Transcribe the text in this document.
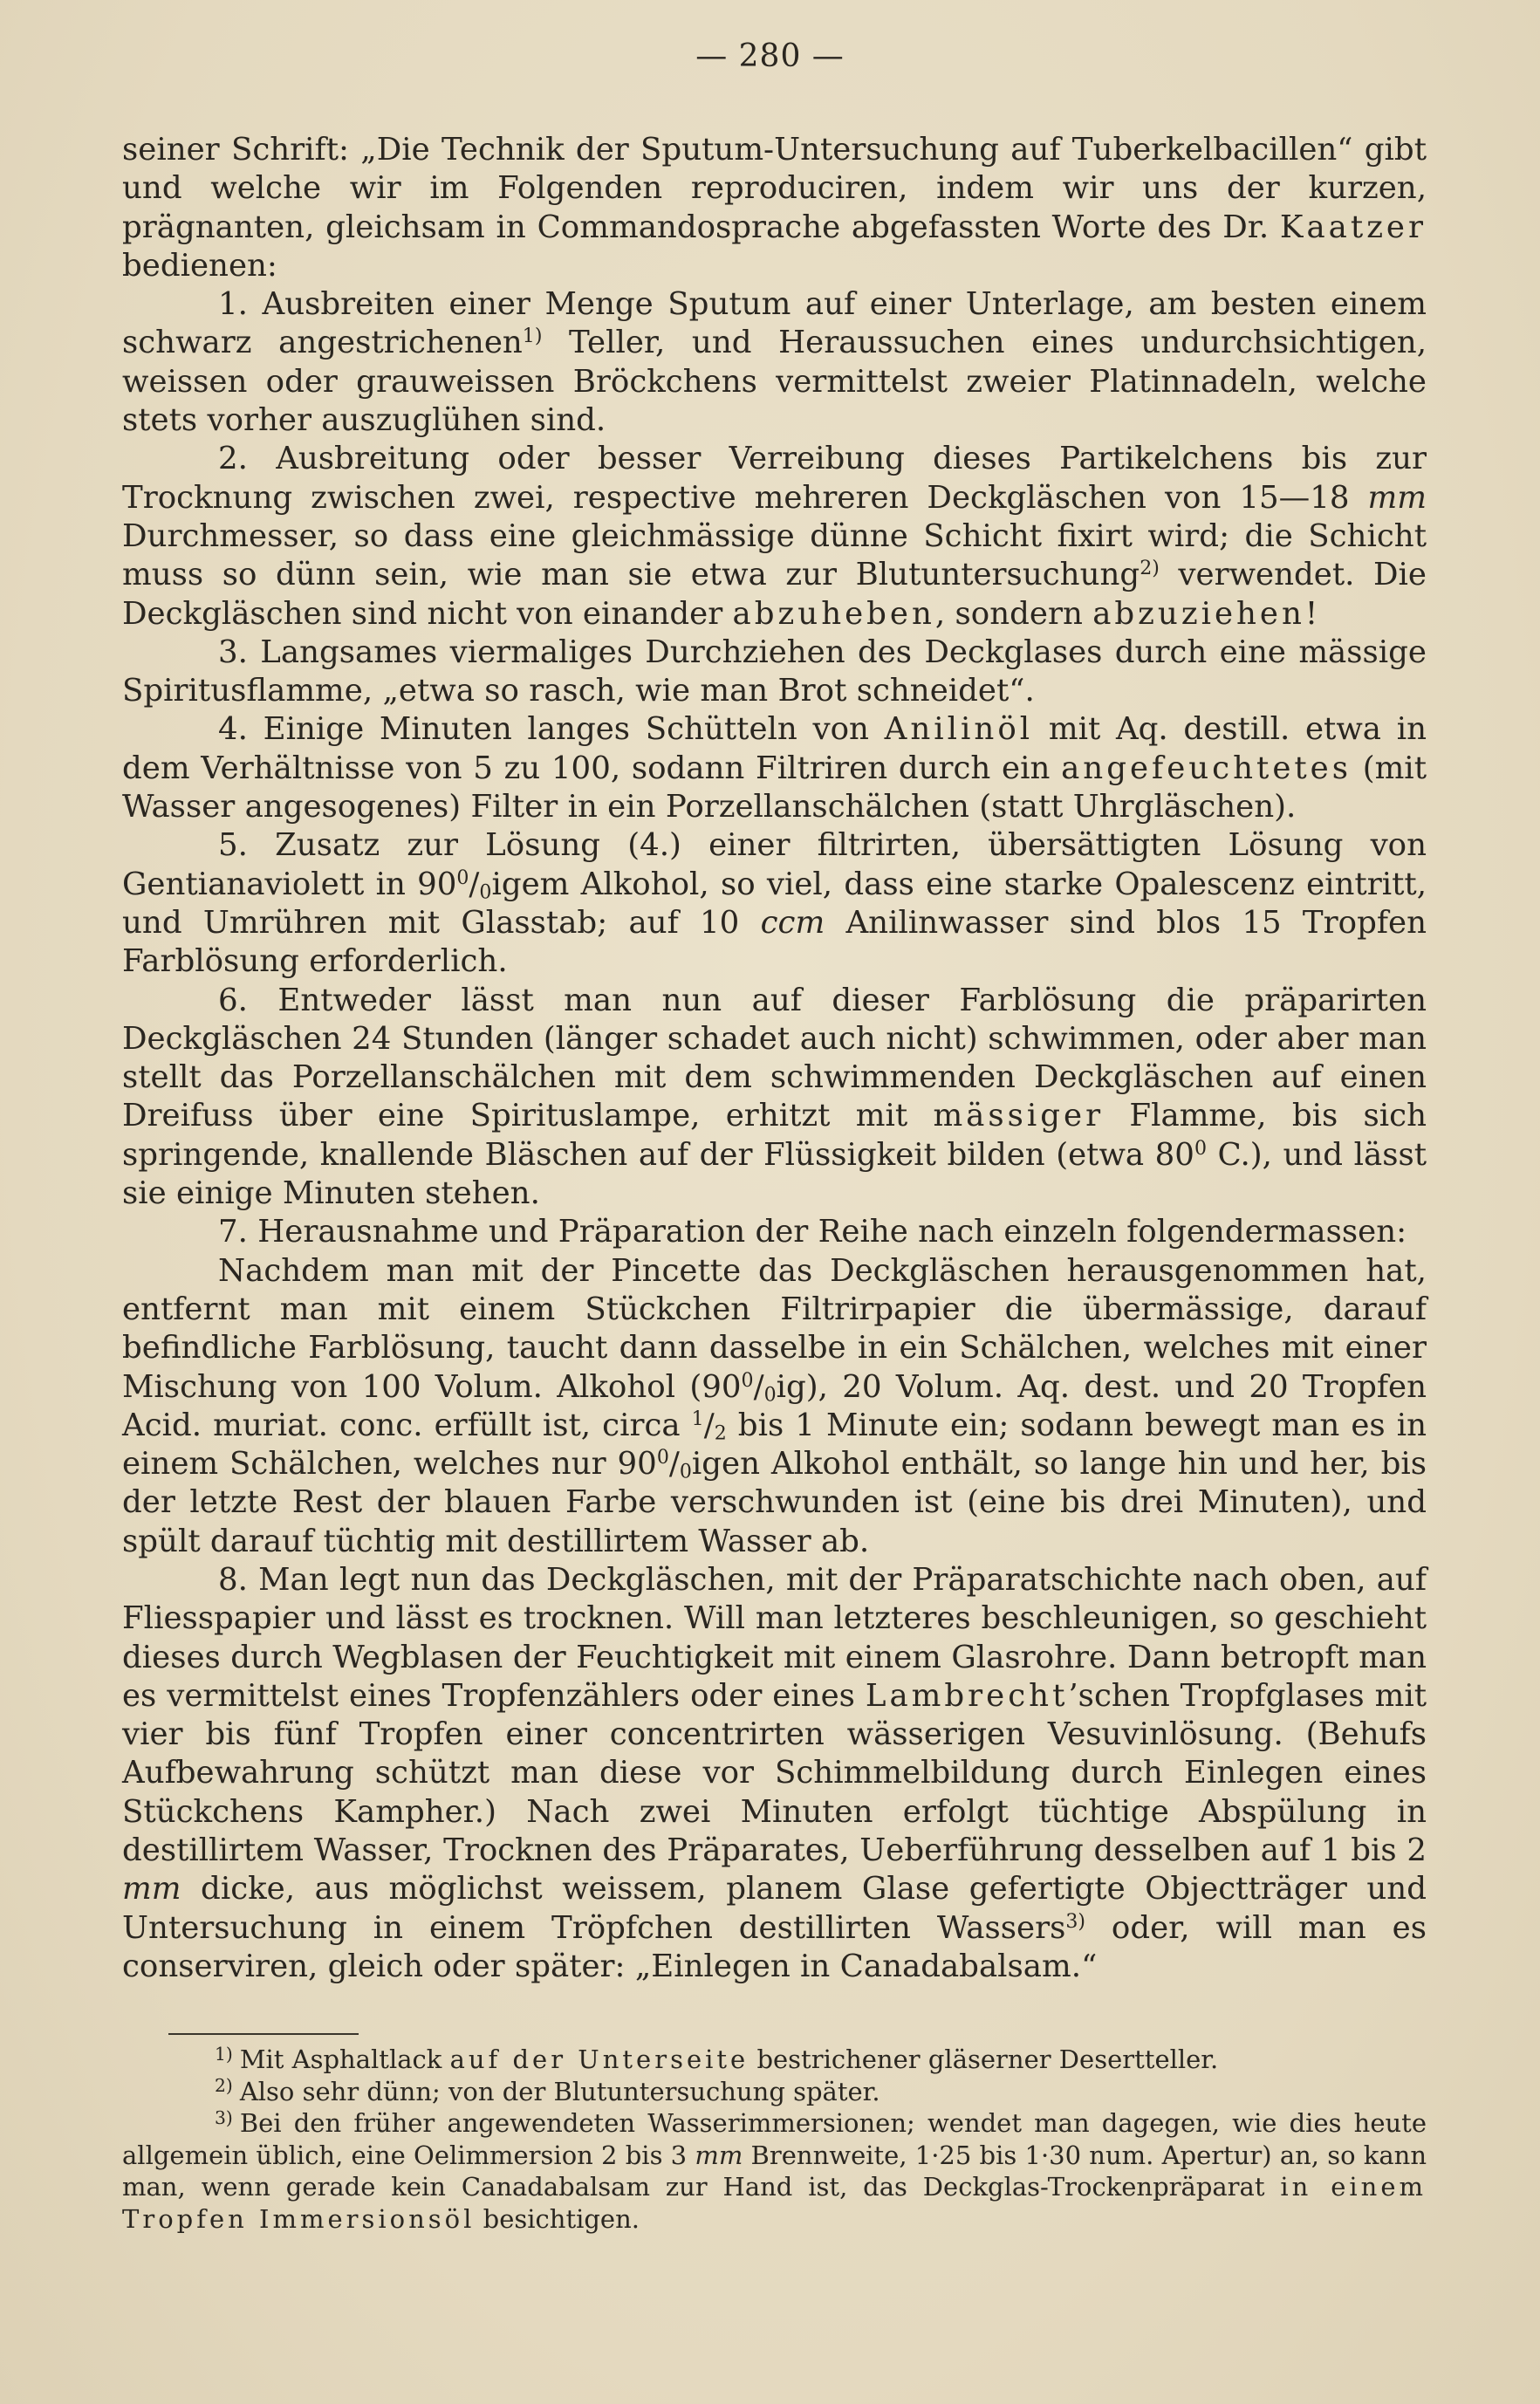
— 280 —

seiner Schrift: „Die Technik der Sputum-Untersuchung auf Tuberkelbacillen“ gibt und welche wir im Folgenden reproduciren, indem wir uns der kurzen, prägnanten, gleichsam in Commandosprache abgefassten Worte des Dr. Kaatzer bedienen:

1. Ausbreiten einer Menge Sputum auf einer Unterlage, am besten einem schwarz angestrichenen$^{1)}$ Teller, und Heraussuchen eines undurchsichtigen, weissen oder grauweissen Bröckchens vermittelst zweier Platinnadeln, welche stets vorher auszuglühen sind.

2. Ausbreitung oder besser Verreibung dieses Partikelchens bis zur Trocknung zwischen zwei, respective mehreren Deckgläschen von 15—18 mm Durchmesser, so dass eine gleichmässige dünne Schicht fixirt wird; die Schicht muss so dünn sein, wie man sie etwa zur Blutuntersuchung$^{2)}$ verwendet. Die Deckgläschen sind nicht von einander abzuheben, sondern abzuziehen!

3. Langsames viermaliges Durchziehen des Deckglases durch eine mässige Spiritusflamme, „etwa so rasch, wie man Brot schneidet“.

4. Einige Minuten langes Schütteln von Anilinöl mit Aq. destill. etwa in dem Verhältnisse von 5 zu 100, sodann Filtriren durch ein angefeuchtetes (mit Wasser angesogenes) Filter in ein Porzellanschälchen (statt Uhrgläschen).

5. Zusatz zur Lösung (4.) einer filtrirten, übersättigten Lösung von Gentianaviolett in $90^0/_0igem$ Alkohol, so viel, dass eine starke Opalescenz eintritt, und Umrühren mit Glasstab; auf 10 ccm Anilinwasser sind blos 15 Tropfen Farblösung erforderlich.

6. Entweder lässt man nun auf dieser Farblösung die präparirten Deckgläschen 24 Stunden (länger schadet auch nicht) schwimmen, oder aber man stellt das Porzellanschälchen mit dem schwimmenden Deckgläschen auf einen Dreifuss über eine Spirituslampe, erhitzt mit mässiger Flamme, bis sich springende, knallende Bläschen auf der Flüssigkeit bilden (etwa $80^0$ C.), und lässt sie einige Minuten stehen.

7. Herausnahme und Präparation der Reihe nach einzeln folgendermassen:

Nachdem man mit der Pincette das Deckgläschen herausgenommen hat, entfernt man mit einem Stückchen Filtrirpapier die übermässige, darauf befindliche Farblösung, taucht dann dasselbe in ein Schälchen, welches mit einer Mischung von 100 Volum. Alkohol $(90^0/_0ig)$, 20 Volum. Aq. dest. und 20 Tropfen Acid. muriat. conc. erfüllt ist, circa $^1/_2$ bis 1 Minute ein; sodann bewegt man es in einem Schälchen, welches nur $90^0/_0igen$ Alkohol enthält, so lange hin und her, bis der letzte Rest der blauen Farbe verschwunden ist (eine bis drei Minuten), und spült darauf tüchtig mit destillirtem Wasser ab.

8. Man legt nun das Deckgläschen, mit der Präparatschichte nach oben, auf Fliesspapier und lässt es trocknen. Will man letzteres beschleunigen, so geschieht dieses durch Wegblasen der Feuchtigkeit mit einem Glasrohre. Dann betropft man es vermittelst eines Tropfenzählers oder eines Lambrecht’schen Tropfglases mit vier bis fünf Tropfen einer concentrirten wässerigen Vesuvinlösung. (Behufs Aufbewahrung schützt man diese vor Schimmelbildung durch Einlegen eines Stückchens Kampher.) Nach zwei Minuten erfolgt tüchtige Abspülung in destillirtem Wasser, Trocknen des Präparates, Ueberführung desselben auf 1 bis 2 mm dicke, aus möglichst weissem, planem Glase gefertigte Objectträger und Untersuchung in einem Tröpfchen destillirten Wassers$^{3)}$ oder, will man es conserviren, gleich oder später: „Einlegen in Canadabalsam.“

$^{1)}$ Mit Asphaltlack auf der Unterseite bestrichener gläserner Desertteller.

$^{2)}$ Also sehr dünn; von der Blutuntersuchung später.

$^{3)}$ Bei den früher angewendeten Wasserimmersionen; wendet man dagegen, wie dies heute allgemein üblich, eine Oelimmersion 2 bis 3 mm Brennweite, 1·25 bis 1·30 num. Apertur) an, so kann man, wenn gerade kein Canadabalsam zur Hand ist, das Deckglas-Trockenpräparat in einem Tropfen Immersionsöl besichtigen.
